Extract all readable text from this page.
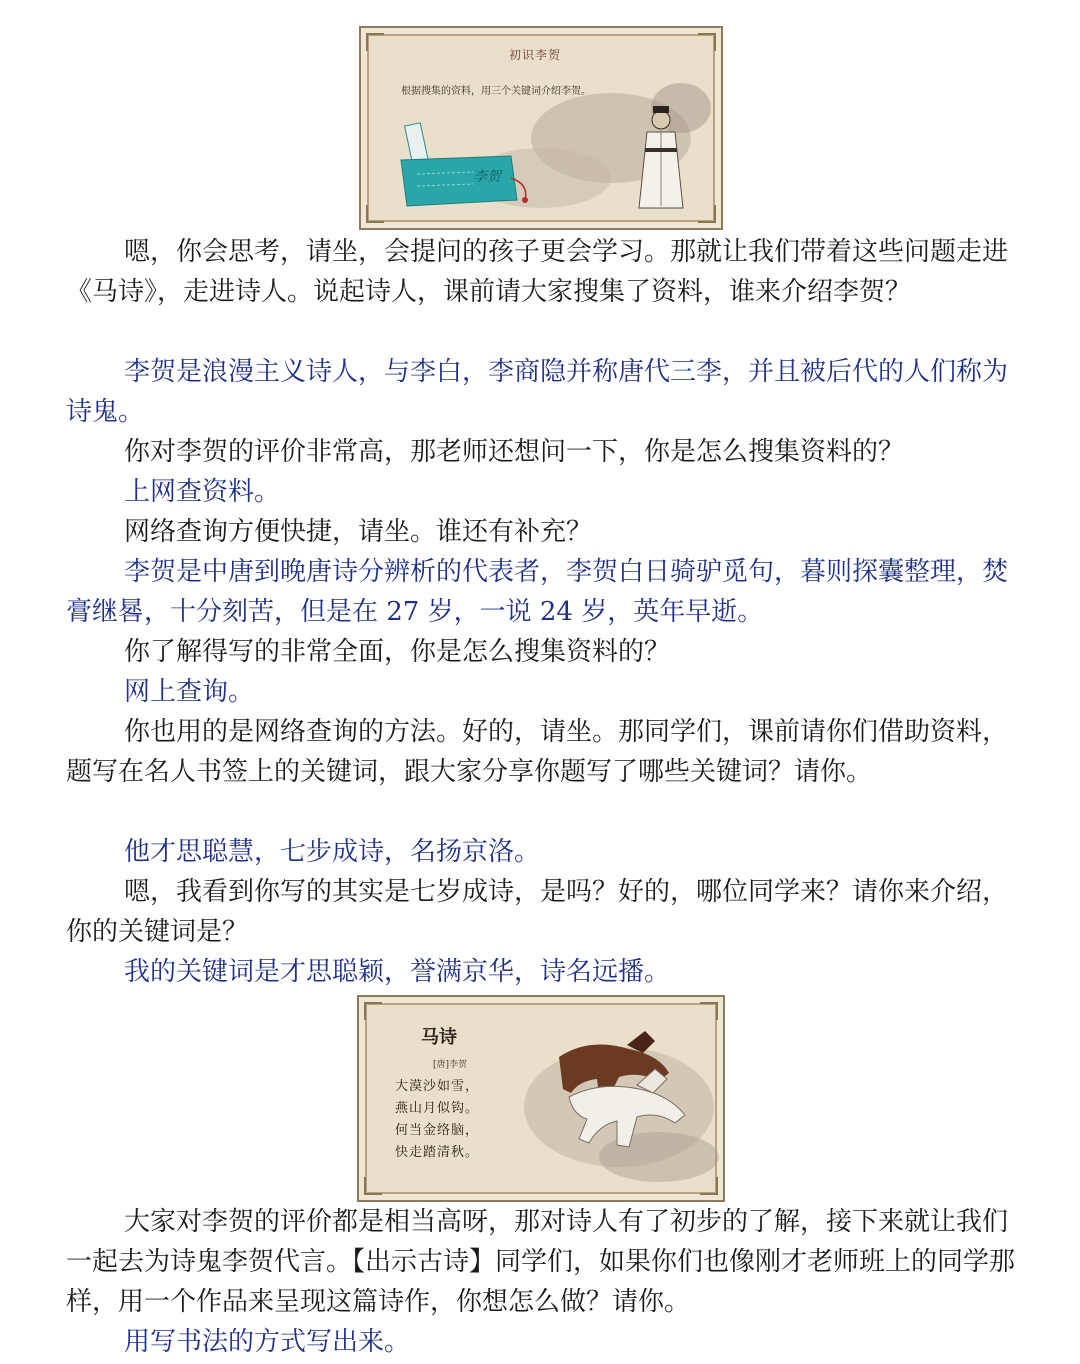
初识李贺
根据搜集的资料，用三个关键词介绍李贺。
李贺

嗯，你会思考，请坐，会提问的孩子更会学习。那就让我们带着这些问题走进《马诗》，走进诗人。说起诗人，课前请大家搜集了资料，谁来介绍李贺？

李贺是浪漫主义诗人，与李白，李商隐并称唐代三李，并且被后代的人们称为诗鬼。

你对李贺的评价非常高，那老师还想问一下，你是怎么搜集资料的？

上网查资料。

网络查询方便快捷，请坐。谁还有补充？

李贺是中唐到晚唐诗分辨析的代表者，李贺白日骑驴觅句，暮则探囊整理，焚膏继晷，十分刻苦，但是在 27 岁，一说 24 岁，英年早逝。

你了解得写的非常全面，你是怎么搜集资料的？

网上查询。

你也用的是网络查询的方法。好的，请坐。那同学们，课前请你们借助资料，题写在名人书签上的关键词，跟大家分享你题写了哪些关键词？请你。

他才思聪慧，七步成诗，名扬京洛。

嗯，我看到你写的其实是七岁成诗，是吗？好的，哪位同学来？请你来介绍，你的关键词是？

我的关键词是才思聪颖，誉满京华，诗名远播。

马诗
[唐]李贺
大漠沙如雪，
燕山月似钩。
何当金络脑，
快走踏清秋。

大家对李贺的评价都是相当高呀，那对诗人有了初步的了解，接下来就让我们一起去为诗鬼李贺代言。【出示古诗】同学们，如果你们也像刚才老师班上的同学那样，用一个作品来呈现这篇诗作，你想怎么做？请你。

用写书法的方式写出来。
